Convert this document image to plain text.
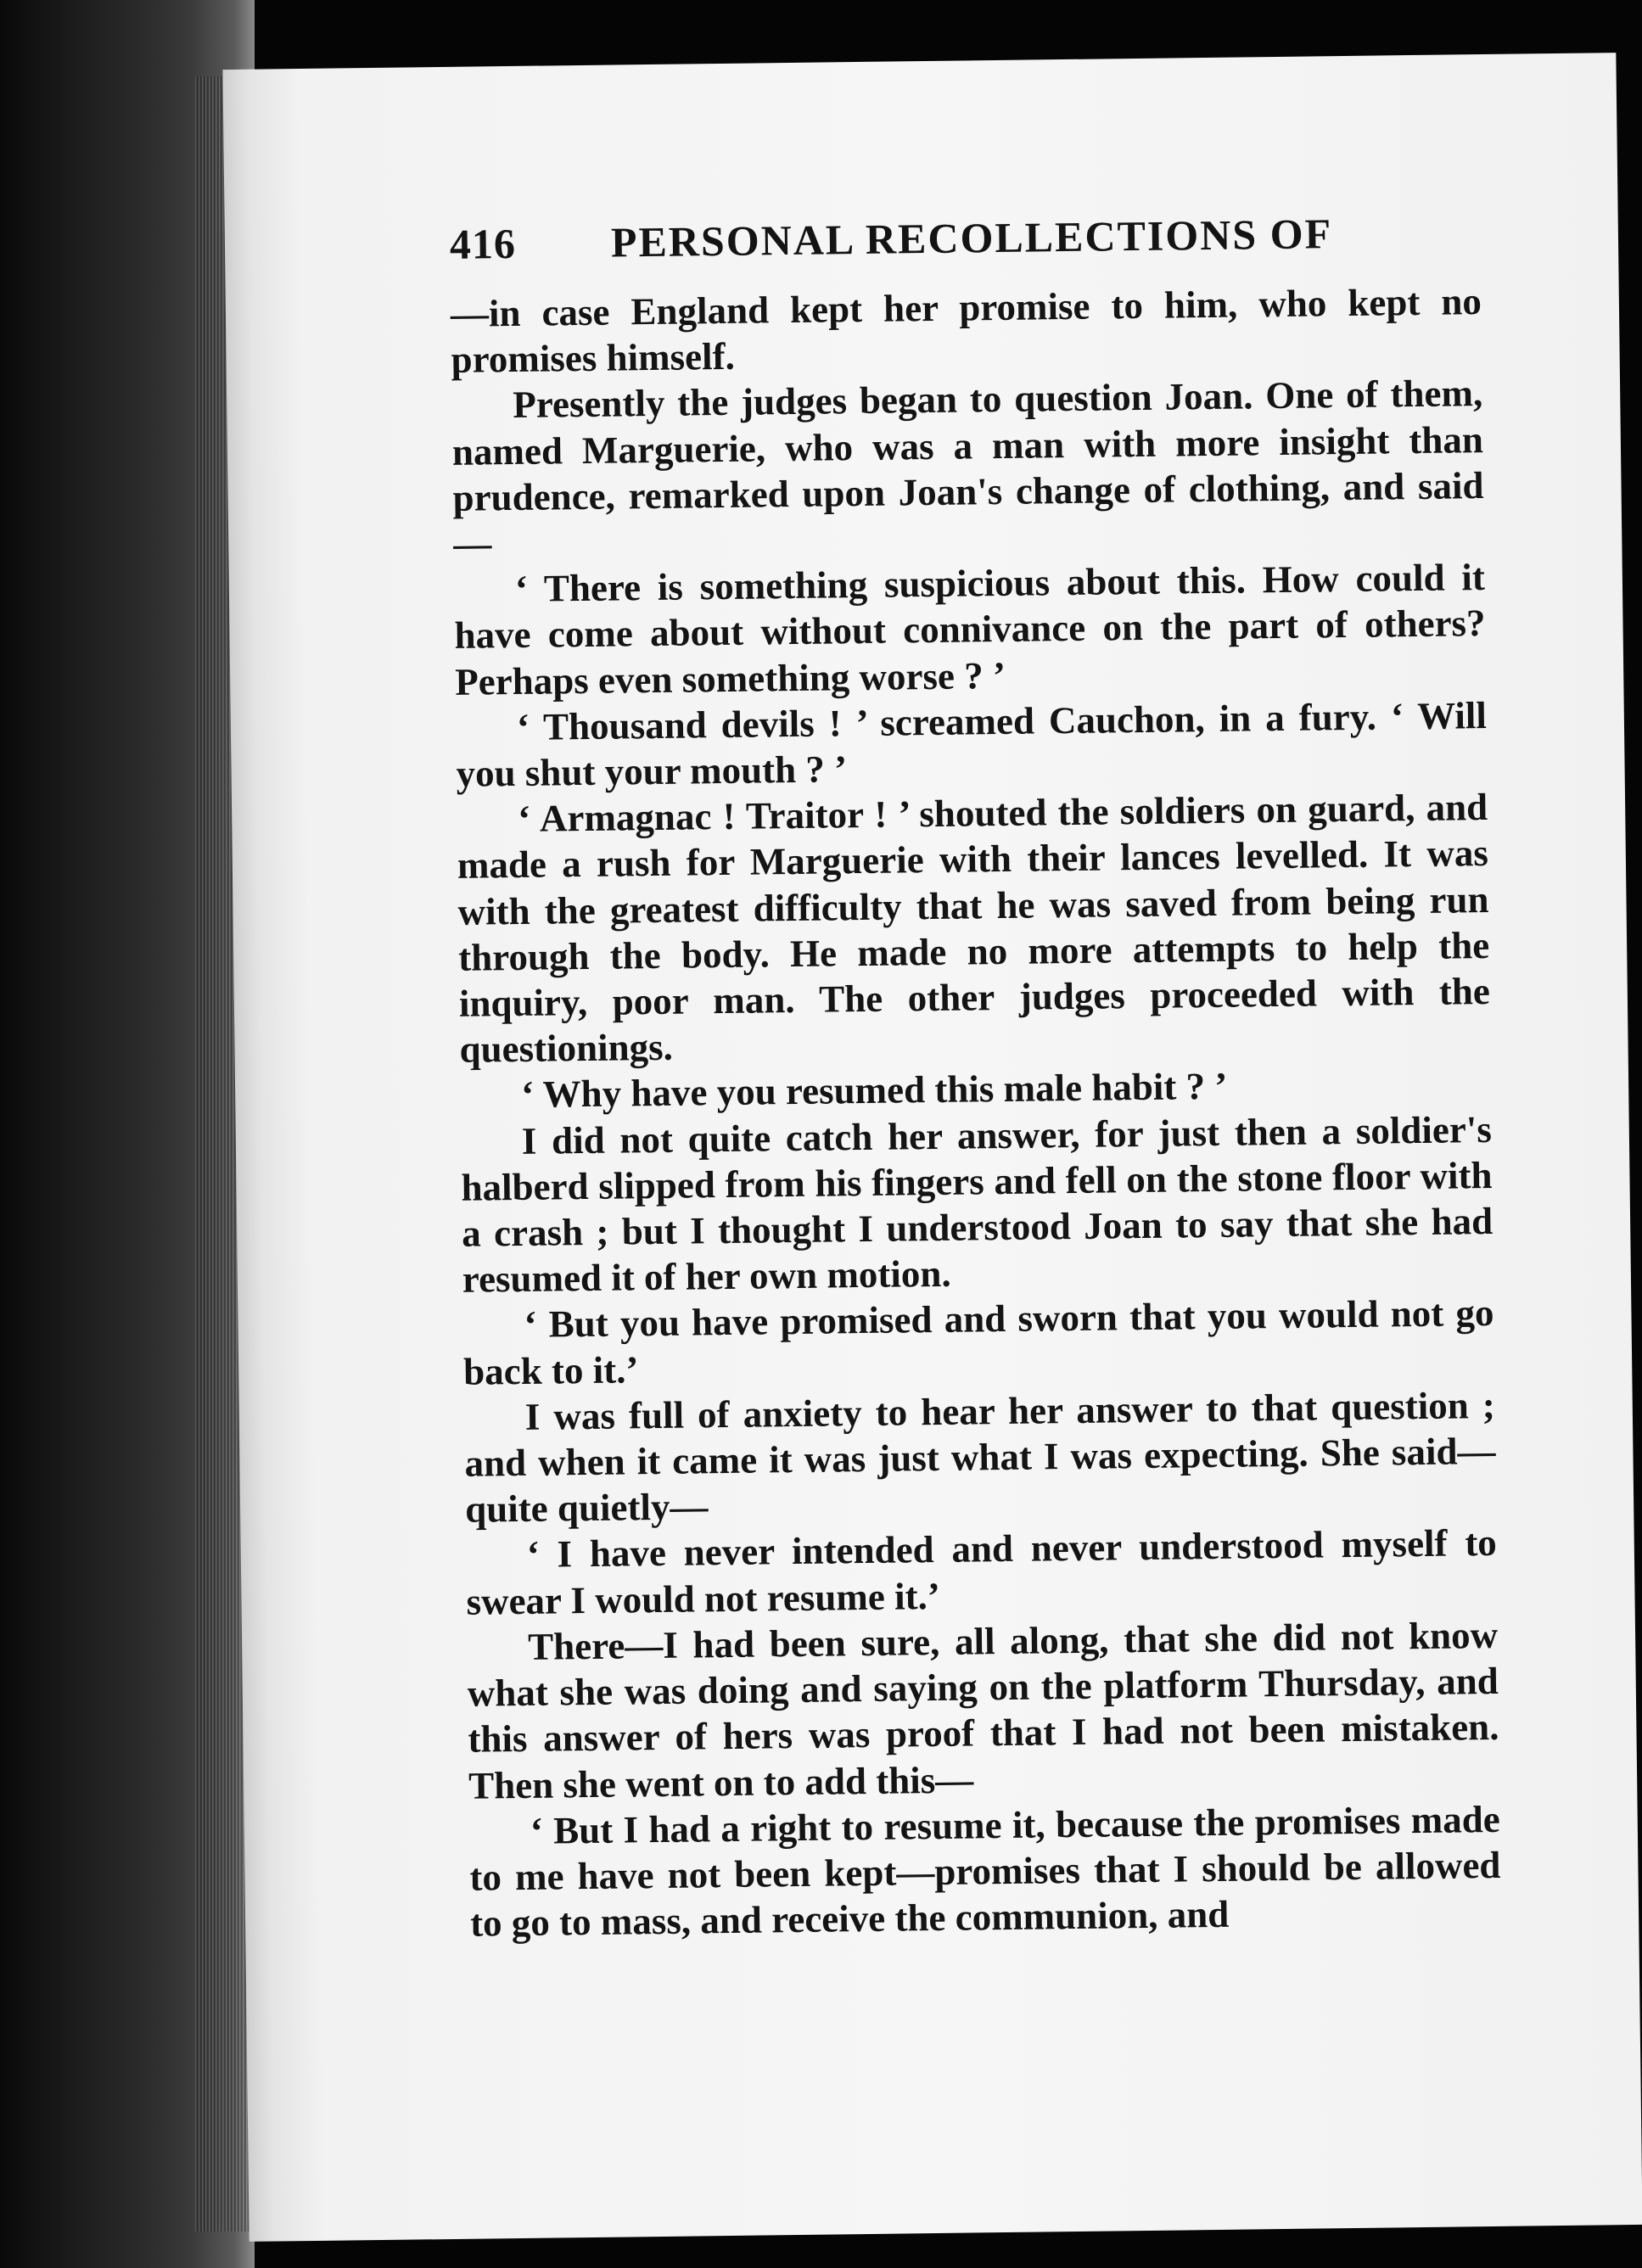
416	PERSONAL RECOLLECTIONS OF

—in case England kept her promise to him, who kept no promises himself.

Presently the judges began to question Joan. One of them, named Marguerie, who was a man with more insight than prudence, remarked upon Joan's change of clothing, and said—

‘ There is something suspicious about this. How could it have come about without connivance on the part of others? Perhaps even something worse ? ’

‘ Thousand devils ! ’ screamed Cauchon, in a fury. ‘ Will you shut your mouth ? ’

‘ Armagnac ! Traitor ! ’ shouted the soldiers on guard, and made a rush for Marguerie with their lances levelled. It was with the greatest difficulty that he was saved from being run through the body. He made no more attempts to help the inquiry, poor man. The other judges proceeded with the questionings.

‘ Why have you resumed this male habit ? ’

I did not quite catch her answer, for just then a soldier's halberd slipped from his fingers and fell on the stone floor with a crash ; but I thought I understood Joan to say that she had resumed it of her own motion.

‘ But you have promised and sworn that you would not go back to it.’

I was full of anxiety to hear her answer to that question ; and when it came it was just what I was expecting. She said—quite quietly—

‘ I have never intended and never understood myself to swear I would not resume it.’

There—I had been sure, all along, that she did not know what she was doing and saying on the platform Thursday, and this answer of hers was proof that I had not been mistaken. Then she went on to add this—

‘ But I had a right to resume it, because the promises made to me have not been kept—promises that I should be allowed to go to mass, and receive the communion, and
